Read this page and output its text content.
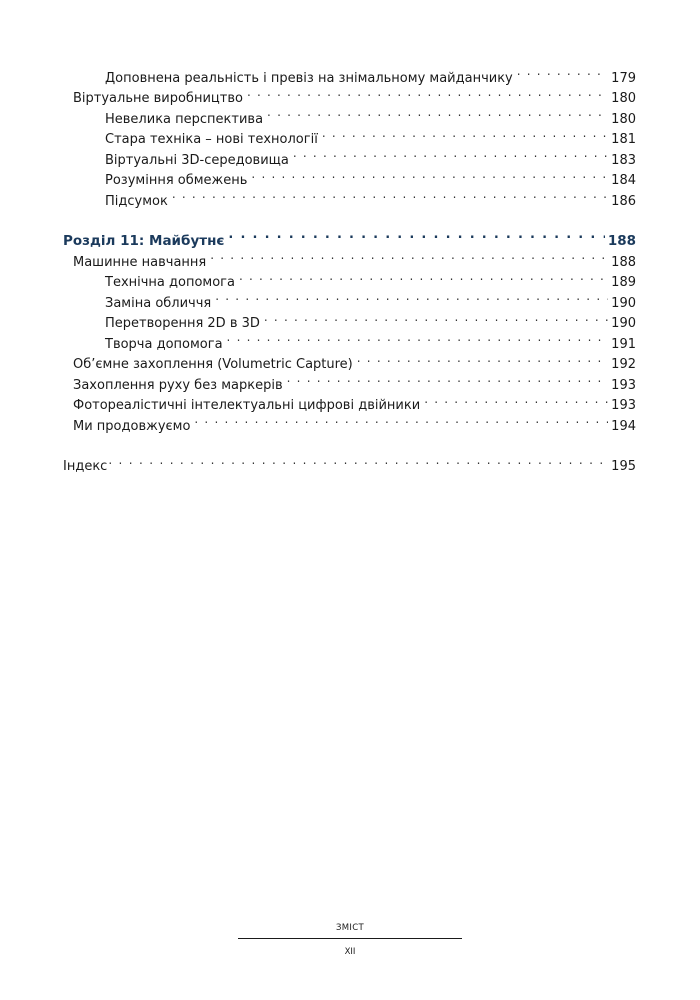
Доповнена реальність і превіз на знімальному майданчику . . .	179
Віртуальне виробництво . . .	180
Невелика перспектива . . .	180
Стара техніка – нові технології . . .	181
Віртуальні 3D-середовища . . .	183
Розуміння обмежень . . .	184
Підсумок . . .	186
Розділ 11: Майбутнє . . .	188
Машинне навчання . . .	188
Технічна допомога . . .	189
Заміна обличчя . . .	190
Перетворення 2D в 3D . . .	190
Творча допомога . . .	191
Об’ємне захоплення (Volumetric Capture) . . .	192
Захоплення руху без маркерів . . .	193
Фотореалістичні інтелектуальні цифрові двійники . . .	193
Ми продовжуємо . . .	194
Індекс . . .	195
ЗМІСТ
XII
